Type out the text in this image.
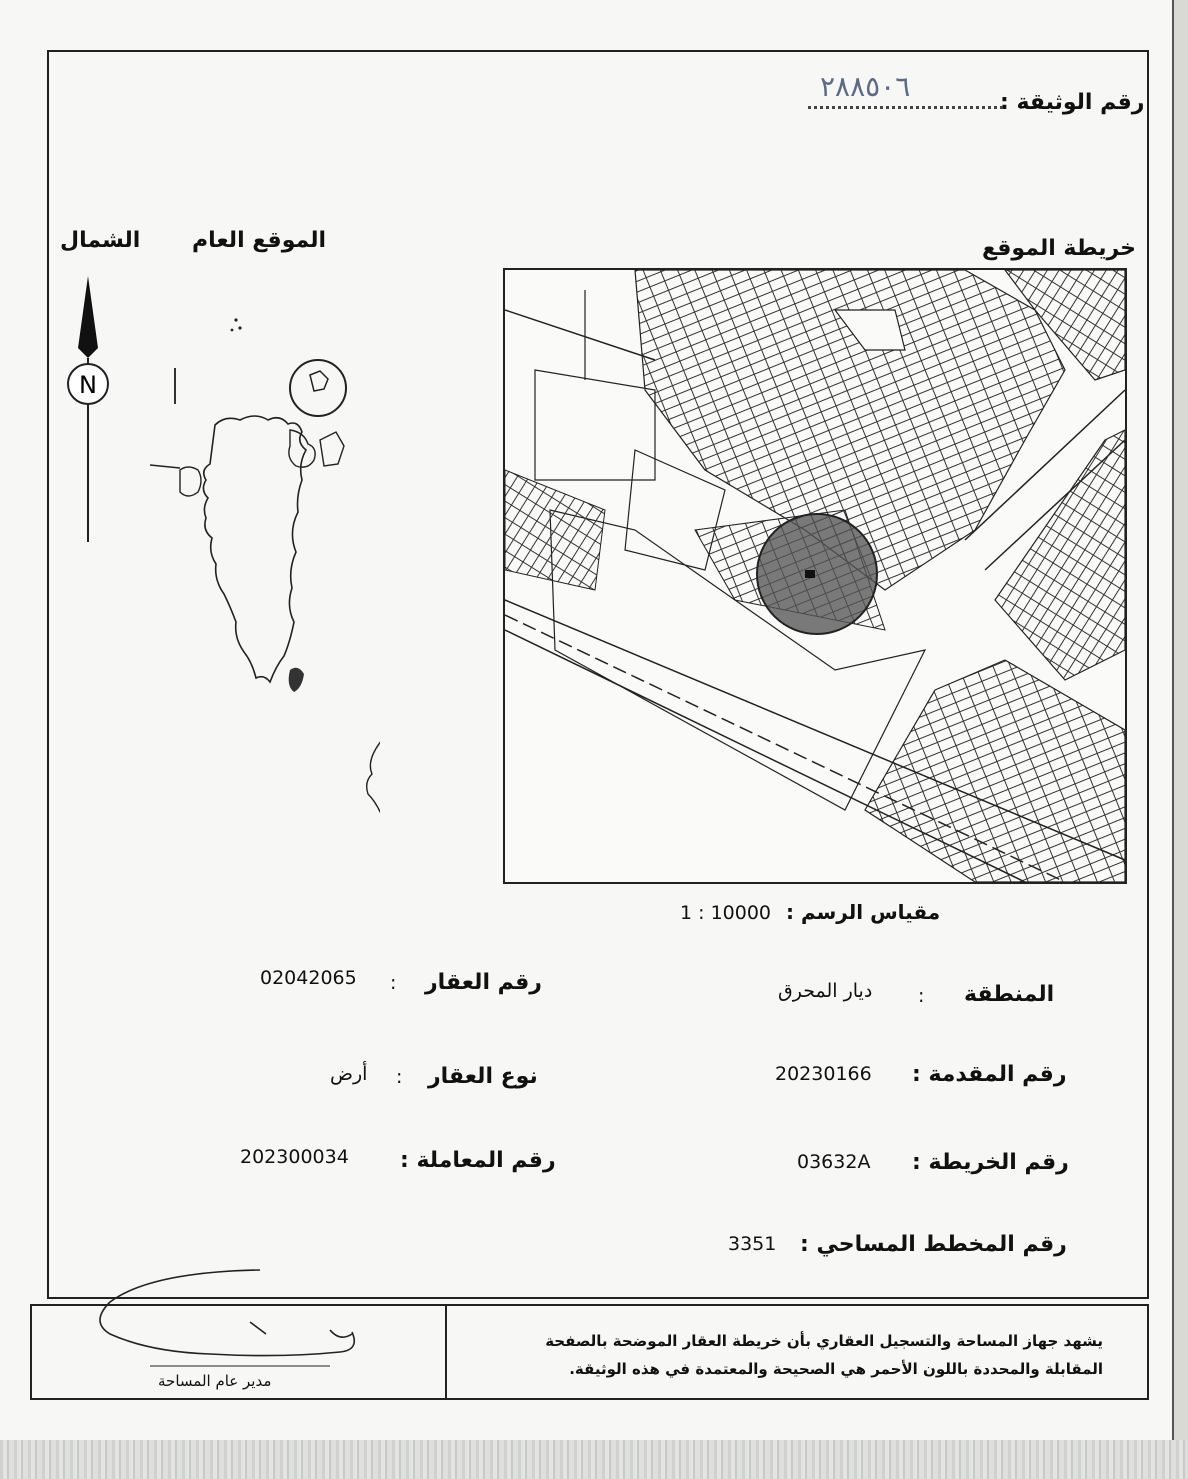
رقم الوثيقة :
٢٨٨٥٠٦
الشمال الموقع العام	خريطة الموقع
N
1 : 10000 مقياس الرسم :
المنطقة
ديار المحرق :
رقم المقدمة :
20230166
رقم الخريطة :
03632A
رقم المخطط المساحي :
3351
رقم العقار
:
02042065
نوع العقار
:
أرض
رقم المعاملة :
202300034
يشهد جهاز المساحة والتسجيل العقاري بأن خريطة العقار الموضحة بالصفحة
المقابلة والمحددة باللون الأحمر هي الصحيحة والمعتمدة في هذه الوثيقة.
مدير عام المساحة
